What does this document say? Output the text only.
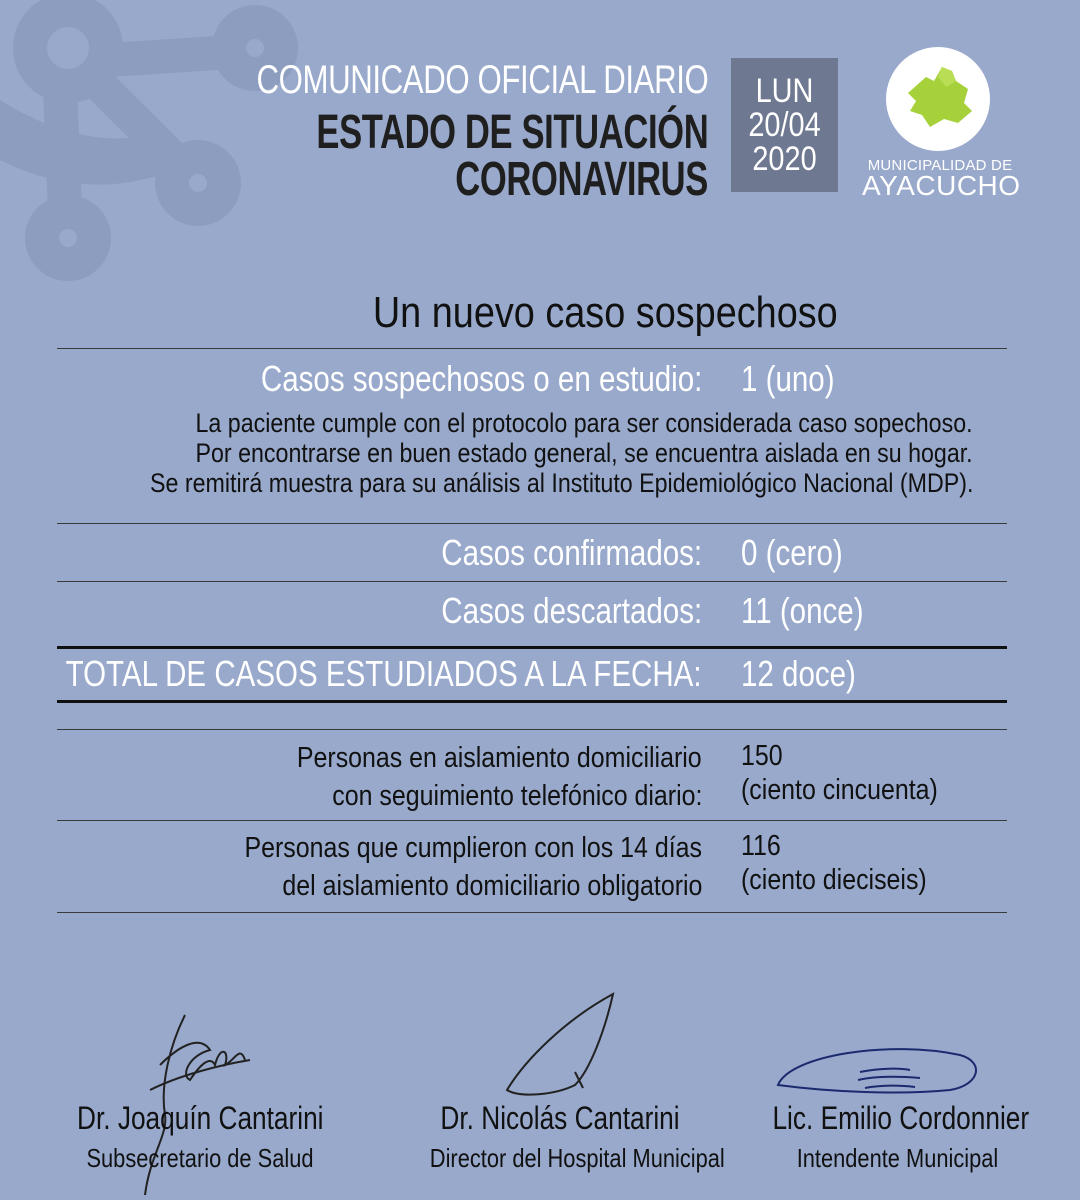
COMUNICADO OFICIAL DIARIO
ESTADO DE SITUACIÓN
CORONAVIRUS
LUN
20/04
2020	MUNICIPALIDAD DE
AYACUCHO
Un nuevo caso sospechoso
Casos sospechosos o en estudio: 1 (uno)
La paciente cumple con el protocolo para ser considerada caso sopechoso.
Por encontrarse en buen estado general, se encuentra aislada en su hogar.
Se remitirá muestra para su análisis al Instituto Epidemiológico Nacional (MDP).
Casos confirmados: 0 (cero)
Casos descartados: 11 (once)
TOTAL DE CASOS ESTUDIADOS A LA FECHA: 12 doce)
Personas en aislamiento domiciliario
con seguimiento telefónico diario:
150
(ciento cincuenta)
Personas que cumplieron con los 14 días
del aislamiento domiciliario obligatorio
116
(ciento dieciseis)
Dr. Joaquín Cantarini
Subsecretario de Salud
Dr. Nicolás Cantarini
Director del Hospital Municipal
Lic. Emilio Cordonnier
Intendente Municipal
